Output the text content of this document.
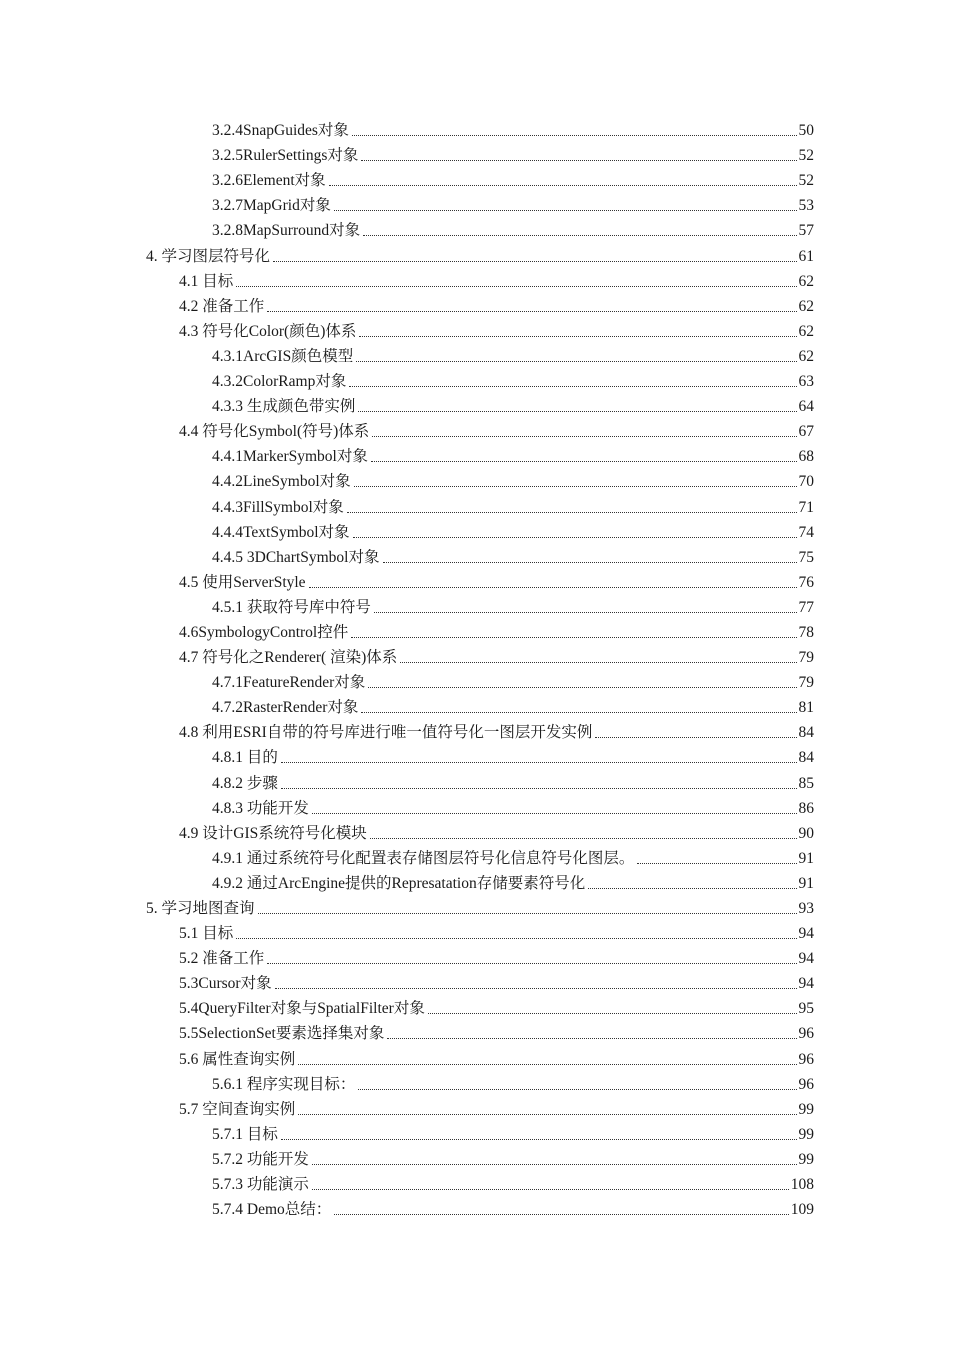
3.2.4SnapGuides对象	50
3.2.5RulerSettings对象	52
3.2.6Element对象	52
3.2.7MapGrid对象	53
3.2.8MapSurround对象	57
4. 学习图层符号化	61
4.1 目标	62
4.2 准备工作	62
4.3 符号化Color(颜色)体系	62
4.3.1ArcGIS颜色模型	62
4.3.2ColorRamp对象	63
4.3.3 生成颜色带实例	64
4.4 符号化Symbol(符号)体系	67
4.4.1MarkerSymbol对象	68
4.4.2LineSymbol对象	70
4.4.3FillSymbol对象	71
4.4.4TextSymbol对象	74
4.4.5 3DChartSymbol对象	75
4.5 使用ServerStyle	76
4.5.1 获取符号库中符号	77
4.6SymbologyControl控件	78
4.7 符号化之Renderer( 渲染)体系	79
4.7.1FeatureRender对象	79
4.7.2RasterRender对象	81
4.8 利用ESRI自带的符号库进行唯一值符号化一图层开发实例	84
4.8.1 目的	84
4.8.2 步骤	85
4.8.3 功能开发	86
4.9 设计GIS系统符号化模块	90
4.9.1 通过系统符号化配置表存储图层符号化信息符号化图层。	91
4.9.2 通过ArcEngine提供的Represatation存储要素符号化	91
5. 学习地图查询	93
5.1 目标	94
5.2 准备工作	94
5.3Cursor对象	94
5.4QueryFilter对象与SpatialFilter对象	95
5.5SelectionSet要素选择集对象	96
5.6 属性查询实例	96
5.6.1 程序实现目标：	96
5.7 空间查询实例	99
5.7.1 目标	99
5.7.2 功能开发	99
5.7.3 功能演示	108
5.7.4 Demo总结：	109
